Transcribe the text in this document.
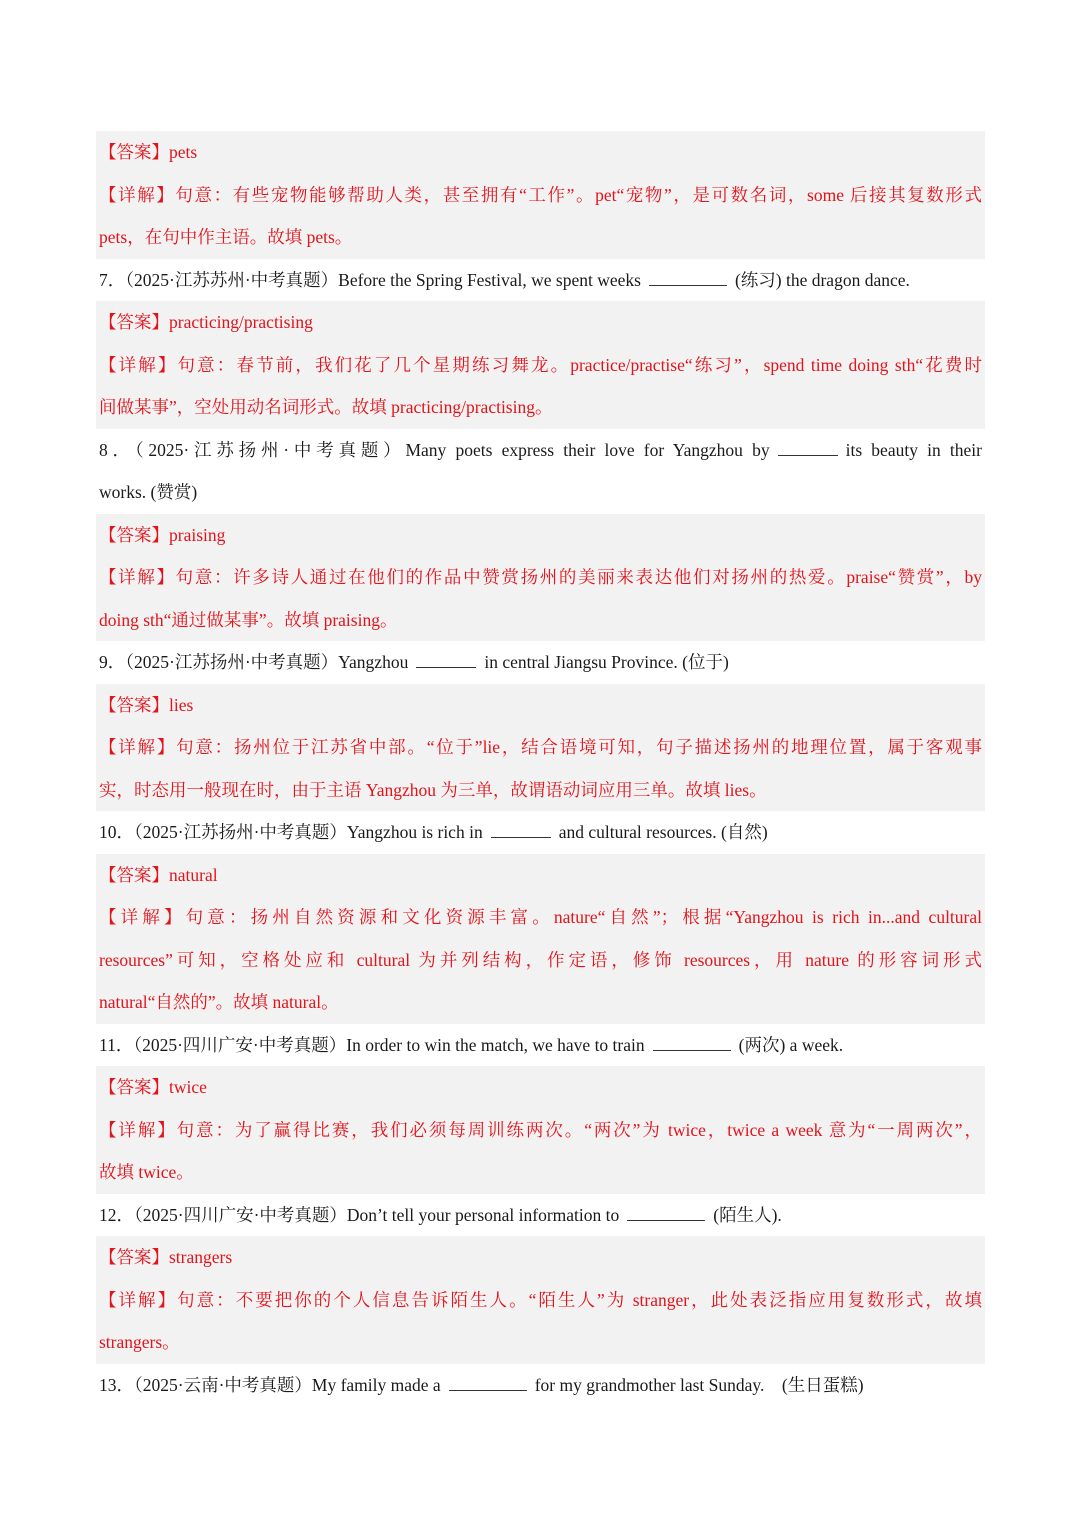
【答案】pets
【详解】句意：有些宠物能够帮助人类，甚至拥有“工作”。pet“宠物”，是可数名词，some 后接其复数形式
pets，在句中作主语。故填 pets。
7．（2025·江苏苏州·中考真题）Before the Spring Festival, we spent weeks	(练习) the dragon dance.
【答案】practicing/practising
【详解】句意：春节前，我们花了几个星期练习舞龙。practice/practise“练习”，spend time doing sth“花费时
间做某事”，空处用动名词形式。故填 practicing/practising。
8．（2025·江苏扬州·中考真题）Many poets express their love for Yangzhou by	its beauty in their
works. (赞赏)
【答案】praising
【详解】句意：许多诗人通过在他们的作品中赞赏扬州的美丽来表达他们对扬州的热爱。praise“赞赏”，by
doing sth“通过做某事”。故填 praising。
9．（2025·江苏扬州·中考真题）Yangzhou	in central Jiangsu Province. (位于)
【答案】lies
【详解】句意：扬州位于江苏省中部。“位于”lie，结合语境可知，句子描述扬州的地理位置，属于客观事
实，时态用一般现在时，由于主语 Yangzhou 为三单，故谓语动词应用三单。故填 lies。
10．（2025·江苏扬州·中考真题）Yangzhou is rich in	and cultural resources. (自然)
【答案】natural
【详解】句意：扬州自然资源和文化资源丰富。nature“自然”；根据“Yangzhou is rich in...and cultural
resources”可知，空格处应和 cultural 为并列结构，作定语，修饰 resources，用 nature 的形容词形式
natural“自然的”。故填 natural。
11．（2025·四川广安·中考真题）In order to win the match, we have to train	(两次) a week.
【答案】twice
【详解】句意：为了赢得比赛，我们必须每周训练两次。“两次”为 twice，twice a week 意为“一周两次”，
故填 twice。
12．（2025·四川广安·中考真题）Don’t tell your personal information to	(陌生人).
【答案】strangers
【详解】句意：不要把你的个人信息告诉陌生人。“陌生人”为 stranger，此处表泛指应用复数形式，故填
strangers。
13．（2025·云南·中考真题）My family made a	for my grandmother last Sunday.　(生日蛋糕)
